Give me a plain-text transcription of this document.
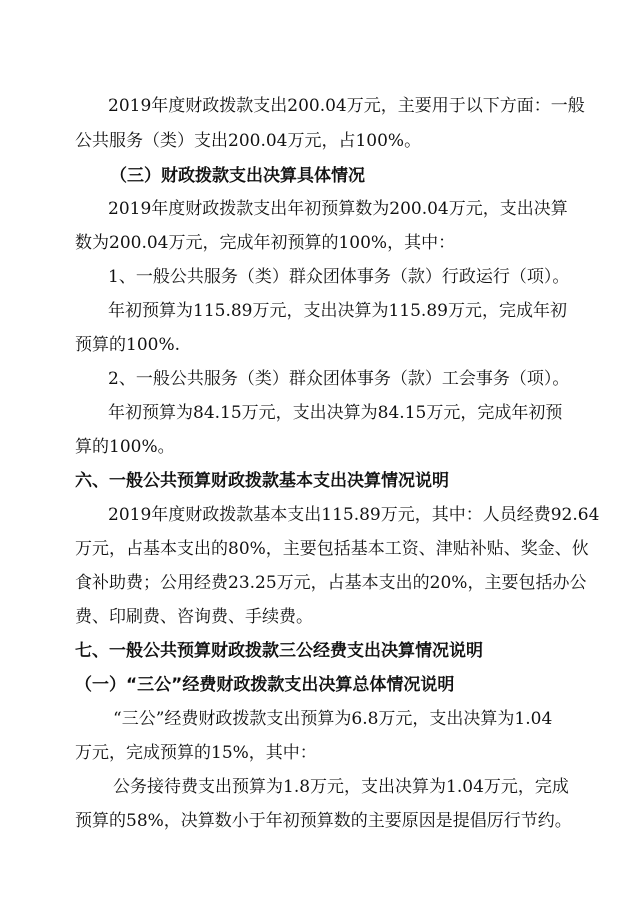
2019年度财政拨款支出200.04万元，主要用于以下方面：一般
公共服务（类）支出200.04万元，占100%。
（三）财政拨款支出决算具体情况
2019年度财政拨款支出年初预算数为200.04万元，支出决算
数为200.04万元，完成年初预算的100%，其中：
1、一般公共服务（类）群众团体事务（款）行政运行（项）。
年初预算为115.89万元，支出决算为115.89万元，完成年初
预算的100%.
2、一般公共服务（类）群众团体事务（款）工会事务（项）。
年初预算为84.15万元，支出决算为84.15万元，完成年初预
算的100%。
六、一般公共预算财政拨款基本支出决算情况说明
2019年度财政拨款基本支出115.89万元，其中：人员经费92.64
万元，占基本支出的80%，主要包括基本工资、津贴补贴、奖金、伙
食补助费；公用经费23.25万元，占基本支出的20%，主要包括办公
费、印刷费、咨询费、手续费。
七、一般公共预算财政拨款三公经费支出决算情况说明
（一）“三公”经费财政拨款支出决算总体情况说明
“三公”经费财政拨款支出预算为6.8万元，支出决算为1.04
万元，完成预算的15%，其中：
公务接待费支出预算为1.8万元，支出决算为1.04万元，完成
预算的58%，决算数小于年初预算数的主要原因是提倡厉行节约。
